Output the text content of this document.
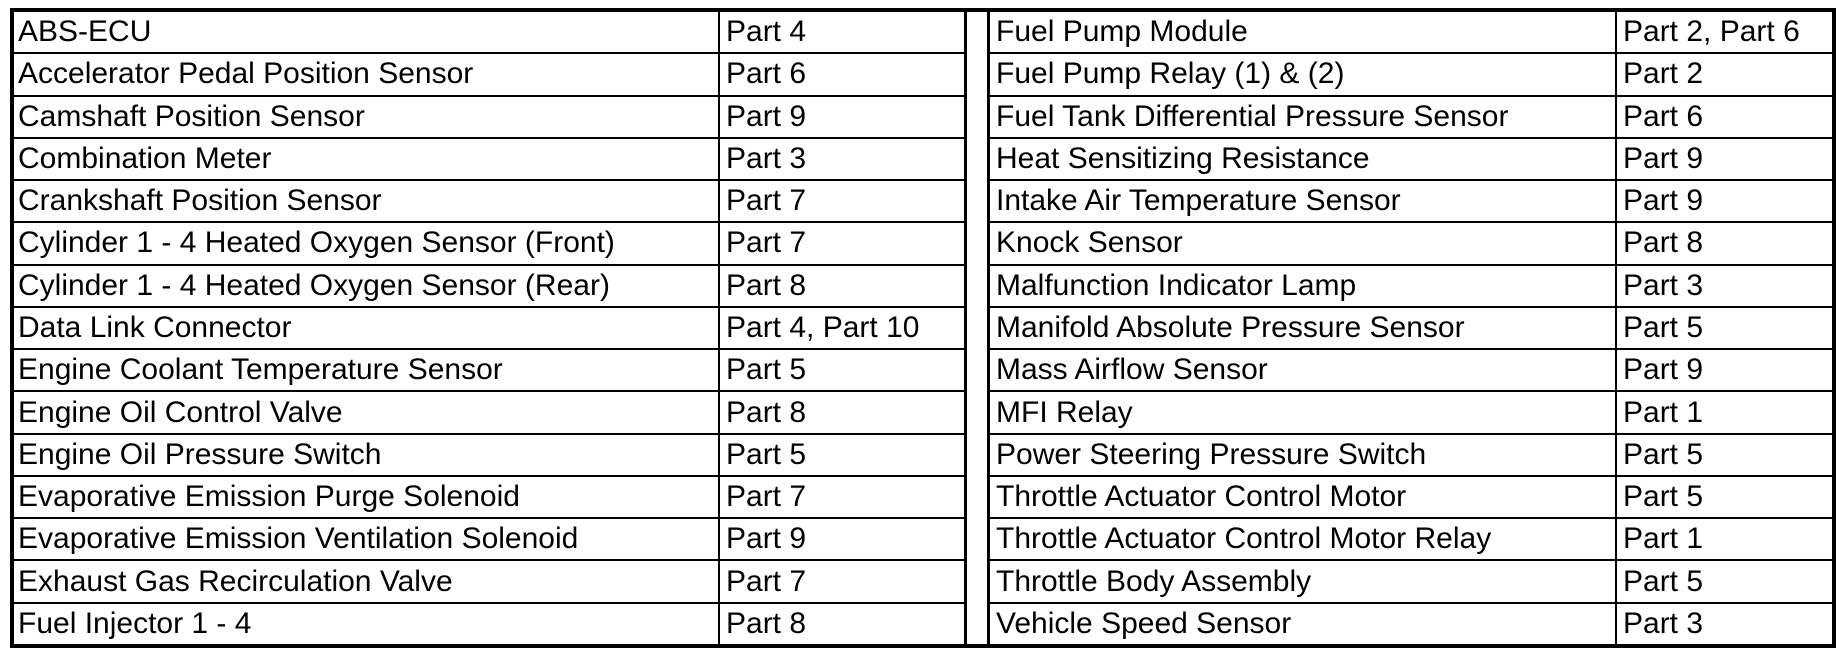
ABS-ECU	Part 4
Accelerator Pedal Position Sensor	Part 6
Camshaft Position Sensor	Part 9
Combination Meter	Part 3
Crankshaft Position Sensor	Part 7
Cylinder 1 - 4 Heated Oxygen Sensor (Front)	Part 7
Cylinder 1 - 4 Heated Oxygen Sensor (Rear)	Part 8
Data Link Connector	Part 4, Part 10
Engine Coolant Temperature Sensor	Part 5
Engine Oil Control Valve	Part 8
Engine Oil Pressure Switch	Part 5
Evaporative Emission Purge Solenoid	Part 7
Evaporative Emission Ventilation Solenoid	Part 9
Exhaust Gas Recirculation Valve	Part 7
Fuel Injector 1 - 4	Part 8
Fuel Pump Module	Part 2, Part 6
Fuel Pump Relay (1) & (2)	Part 2
Fuel Tank Differential Pressure Sensor	Part 6
Heat Sensitizing Resistance	Part 9
Intake Air Temperature Sensor	Part 9
Knock Sensor	Part 8
Malfunction Indicator Lamp	Part 3
Manifold Absolute Pressure Sensor	Part 5
Mass Airflow Sensor	Part 9
MFI Relay	Part 1
Power Steering Pressure Switch	Part 5
Throttle Actuator Control Motor	Part 5
Throttle Actuator Control Motor Relay	Part 1
Throttle Body Assembly	Part 5
Vehicle Speed Sensor	Part 3
